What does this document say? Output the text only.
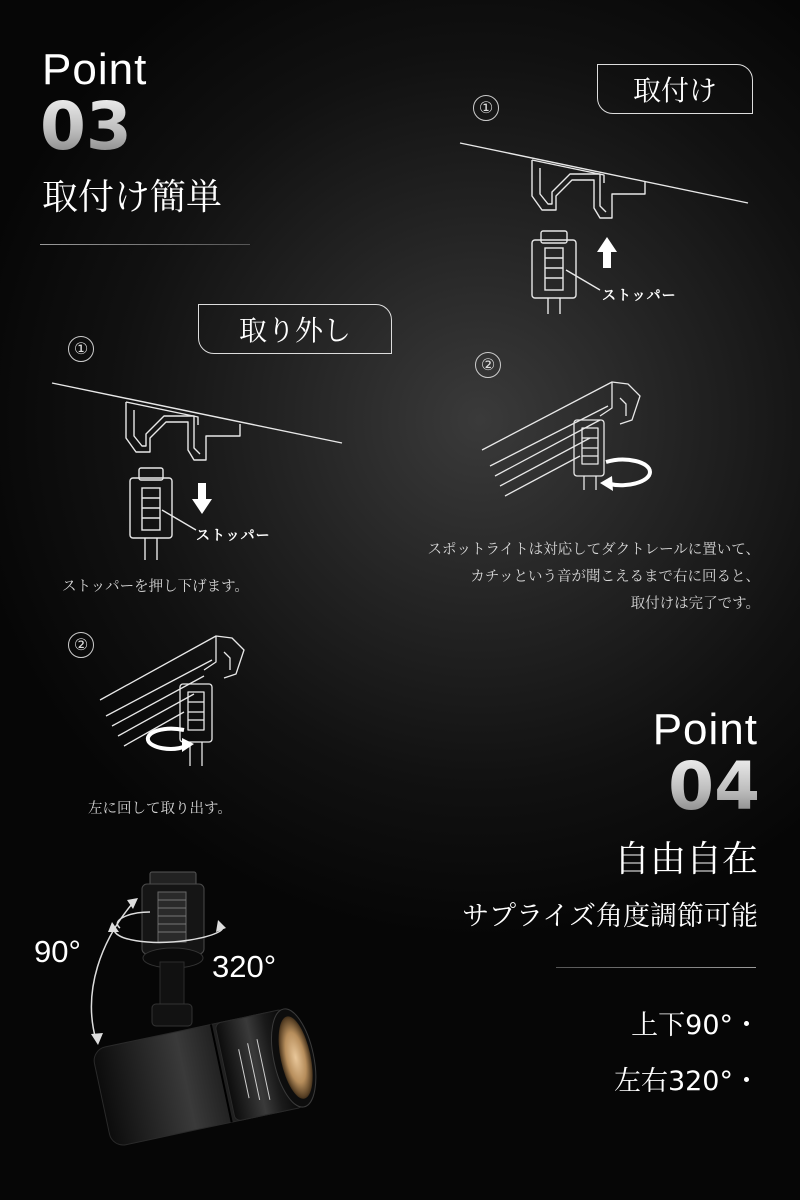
Point
03
取付け簡単
取付け
①
ストッパー
②
スポットライトは対応してダクトレールに置いて、
カチッという音が聞こえるまで右に回ると、
取付けは完了です。
取り外し
①
ストッパー
ストッパーを押し下げます。
②
左に回して取り出す。
Point
04
自由自在
サプライズ角度調節可能
上下90°・
左右320°・
90°	320°
